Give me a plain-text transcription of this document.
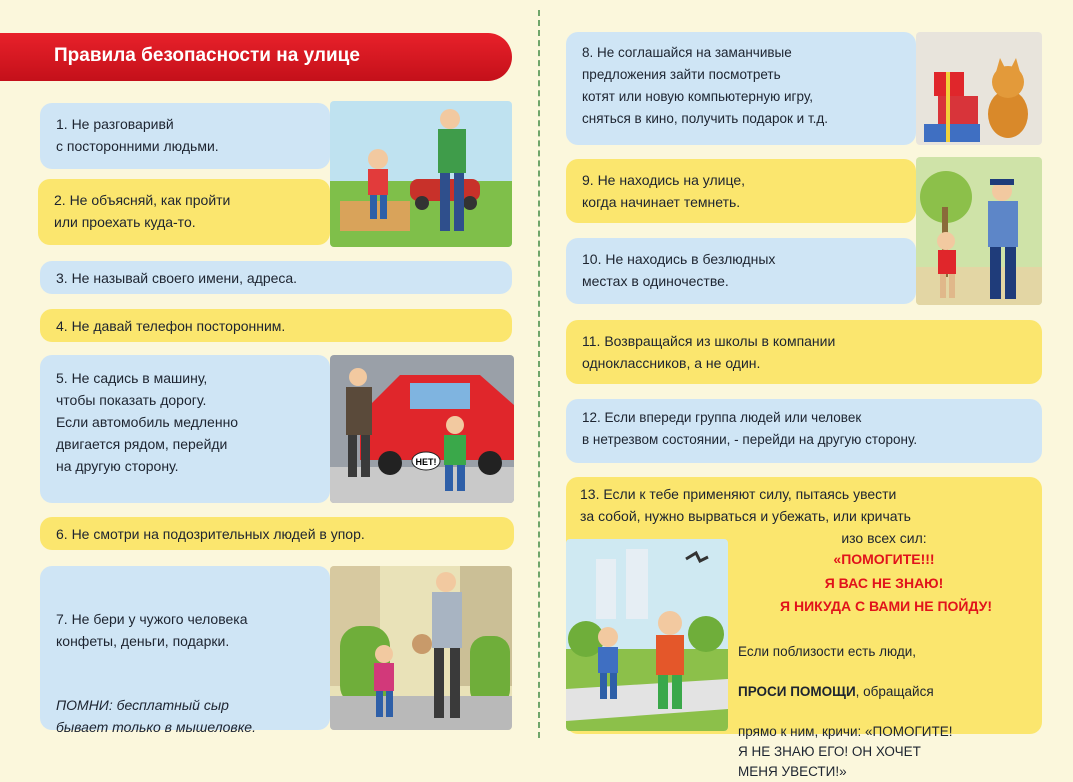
Правила безопасности на улице
1. Не разговаривй
с посторонними людьми.
2. Не объясняй, как пройти
или проехать куда-то.
3. Не называй своего имени, адреса.
4. Не давай телефон посторонним.
5. Не садись в машину,
чтобы показать дорогу.
Если автомобиль медленно
двигается рядом, перейди
на другую сторону.	НЕТ!
6. Не смотри на подозрительных людей в упор.

7. Не бери у чужого человека
конфеты, деньги, подарки.

ПОМНИ: бесплатный сыр
бывает только в мышеловке.

8. Не соглашайся на заманчивые
предложения зайти посмотреть
котят или новую компьютерную игру,
сняться в кино, получить подарок и т.д.
9. Не находись на улице,
когда начинает темнеть.
10. Не находись в безлюдных
местах в одиночестве.
11. Возвращайся из школы в компании
одноклассников, а не один.
12. Если впереди группа людей или человек
в нетрезвом состоянии, - перейди на другую сторону.
13. Если к тебе применяют силу, пытаясь увести
за собой, нужно вырваться и убежать, или кричать
изо всех сил:
«ПОМОГИТЕ!!!
Я ВАС НЕ ЗНАЮ!
Я НИКУДА С ВАМИ НЕ ПОЙДУ!

Если поблизости есть люди,

ПРОСИ ПОМОЩИ, обращайся

прямо к ним, кричи: «ПОМОГИТЕ!
Я НЕ ЗНАЮ ЕГО! ОН ХОЧЕТ
МЕНЯ УВЕСТИ!»
